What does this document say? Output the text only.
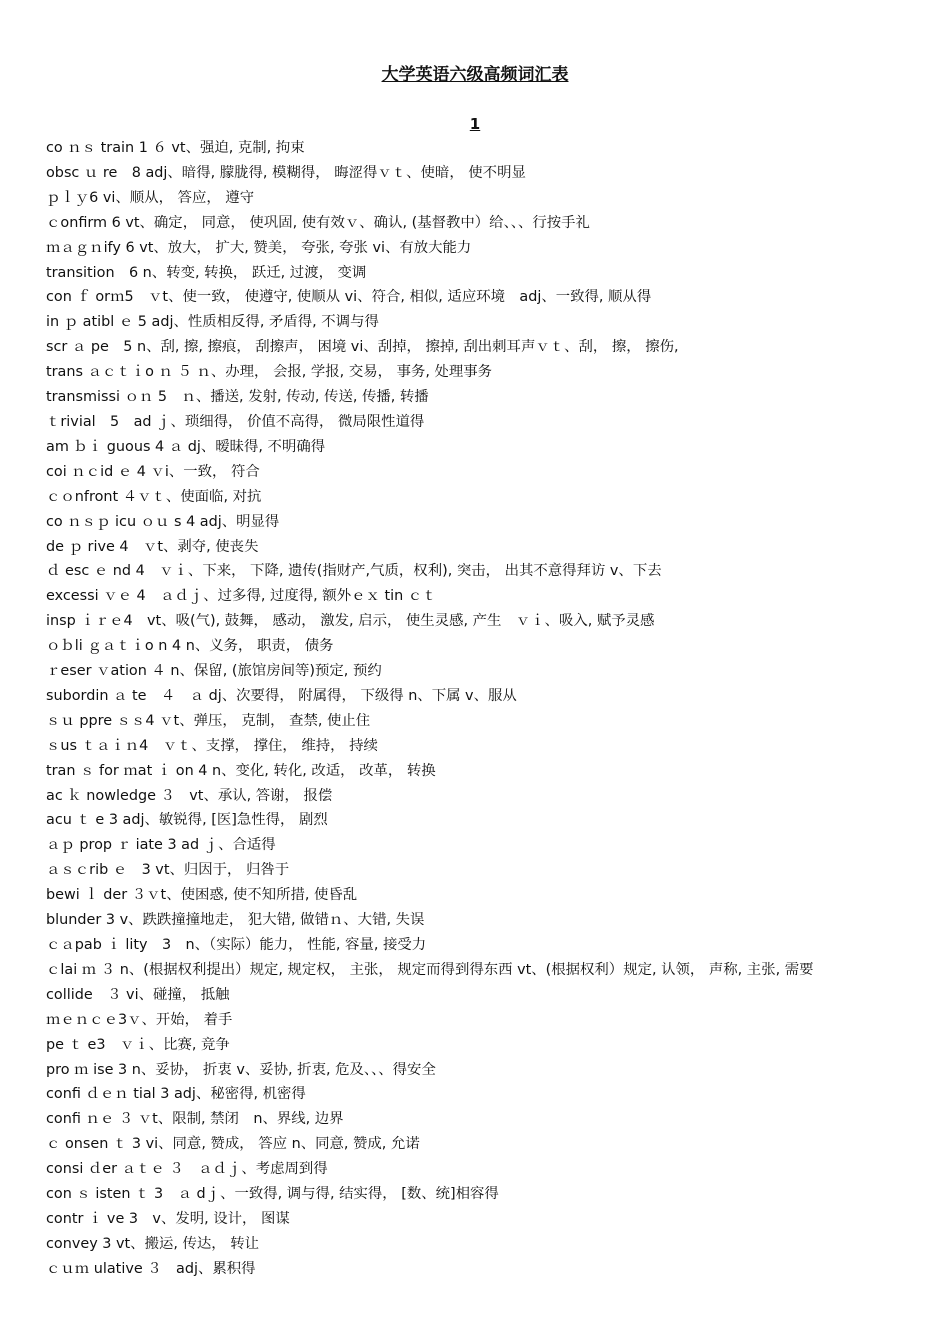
大学英语六级高频词汇表
1
co ｎｓ train 1 ６ vt、强迫, 克制, 拘束
obsc ｕ re　8 adj、暗得, 朦胧得, 模糊得， 晦涩得ｖｔ、使暗， 使不明显
ｐｌｙ6 vi、顺从， 答应， 遵守
ｃonfirm 6 vt、确定， 同意， 使巩固, 使有效ｖ、确认, (基督教中）给、、、行按手礼
ｍａｇｎify 6 vt、放大， 扩大, 赞美， 夸张, 夸张 vi、有放大能力
transition　6 n、转变, 转换， 跃迁, 过渡， 变调
con ｆ orｍ5　ｖt、使一致， 使遵守, 使顺从 vi、符合, 相似, 适应环境　adj、一致得, 顺从得
in ｐ atibl ｅ 5 adj、性质相反得, 矛盾得, 不调与得
scr ａ pe　5 n、刮, 擦, 擦痕， 刮擦声， 困境 vi、刮掉， 擦掉, 刮出刺耳声ｖｔ、刮， 擦， 擦伤,
trans ａｃｔｉo ｎ ５ ｎ、办理， 会报, 学报, 交易， 事务, 处理事务
transmissi ｏｎ 5　ｎ、播送, 发射, 传动, 传送, 传播, 转播
ｔrivial　5　ad ｊ、琐细得， 价值不高得， 微局限性道得
am ｂｉ guous 4 ａ dj、暧昧得, 不明确得
coi ｎｃid ｅ 4 ｖi、一致， 符合
ｃｏnfront ４ｖｔ、使面临, 对抗
co ｎｓｐ icu ｏｕ s 4 adj、明显得
de ｐ rive 4　ｖt、剥夺, 使丧失
ｄ esc ｅ nd 4　ｖｉ、下来， 下降, 遗传(指财产,气质，权利), 突击， 出其不意得拜访 v、下去
excessi ｖｅ 4　ａｄｊ、过多得, 过度得, 额外ｅｘ tin ｃｔ
insp ｉｒｅ4　vt、吸(气), 鼓舞， 感动， 激发, 启示， 使生灵感, 产生　ｖｉ、吸入, 赋予灵感
ｏｂli ｇａｔｉo n 4 n、义务， 职责， 债务
ｒeser ｖation ４ n、保留, (旅馆房间等)预定, 预约
subordin ａ te　４　ａ dj、次要得， 附属得， 下级得 n、下属 v、服从
ｓｕ ppre ｓｓ4 ｖt、弹压， 克制， 查禁, 使止住
ｓus ｔａｉｎ4　ｖｔ、支撑， 撑住， 维持， 持续
tran ｓ for ｍat ｉ on 4 n、变化, 转化, 改适， 改革， 转换
ac ｋ nowledge ３　vt、承认, 答谢， 报偿
acu ｔ e 3 adj、敏锐得, [医]急性得， 剧烈
ａｐ prop ｒ iate 3 ad ｊ、合适得
ａｓｃrib ｅ　3 vt、归因于， 归咎于
bewi ｌ der ３ｖt、使困惑, 使不知所措, 使昏乱
blunder 3 v、跌跌撞撞地走， 犯大错, 做错ｎ、大错, 失误
ｃａpab ｉ lity　3　n、（实际）能力， 性能, 容量, 接受力
ｃlai ｍ ３ n、(根据权利提出）规定, 规定权， 主张， 规定而得到得东西 vt、(根据权利）规定, 认领， 声称, 主张, 需要
collide　３ vi、碰撞， 抵触
ｍｅｎｃｅ3ｖ、开始， 着手
pe ｔ e3　ｖｉ、比赛, 竞争
pro ｍ ise 3 n、妥协， 折衷 v、妥协, 折衷, 危及、、、得安全
confi ｄｅｎ tial 3 adj、秘密得, 机密得
confi ｎｅ ３ ｖt、限制, 禁闭　n、界线, 边界
ｃ onsen ｔ 3 vi、同意, 赞成， 答应 n、同意, 赞成, 允诺
consi ｄer ａｔｅ ３　ａｄｊ、考虑周到得
con ｓ isten ｔ 3　ａ dｊ、一致得, 调与得, 结实得， [数、统]相容得
contr ｉ ve 3　v、发明, 设计， 图谋
convey 3 vt、搬运, 传达， 转让
ｃｕｍ ulative ３　adj、累积得
